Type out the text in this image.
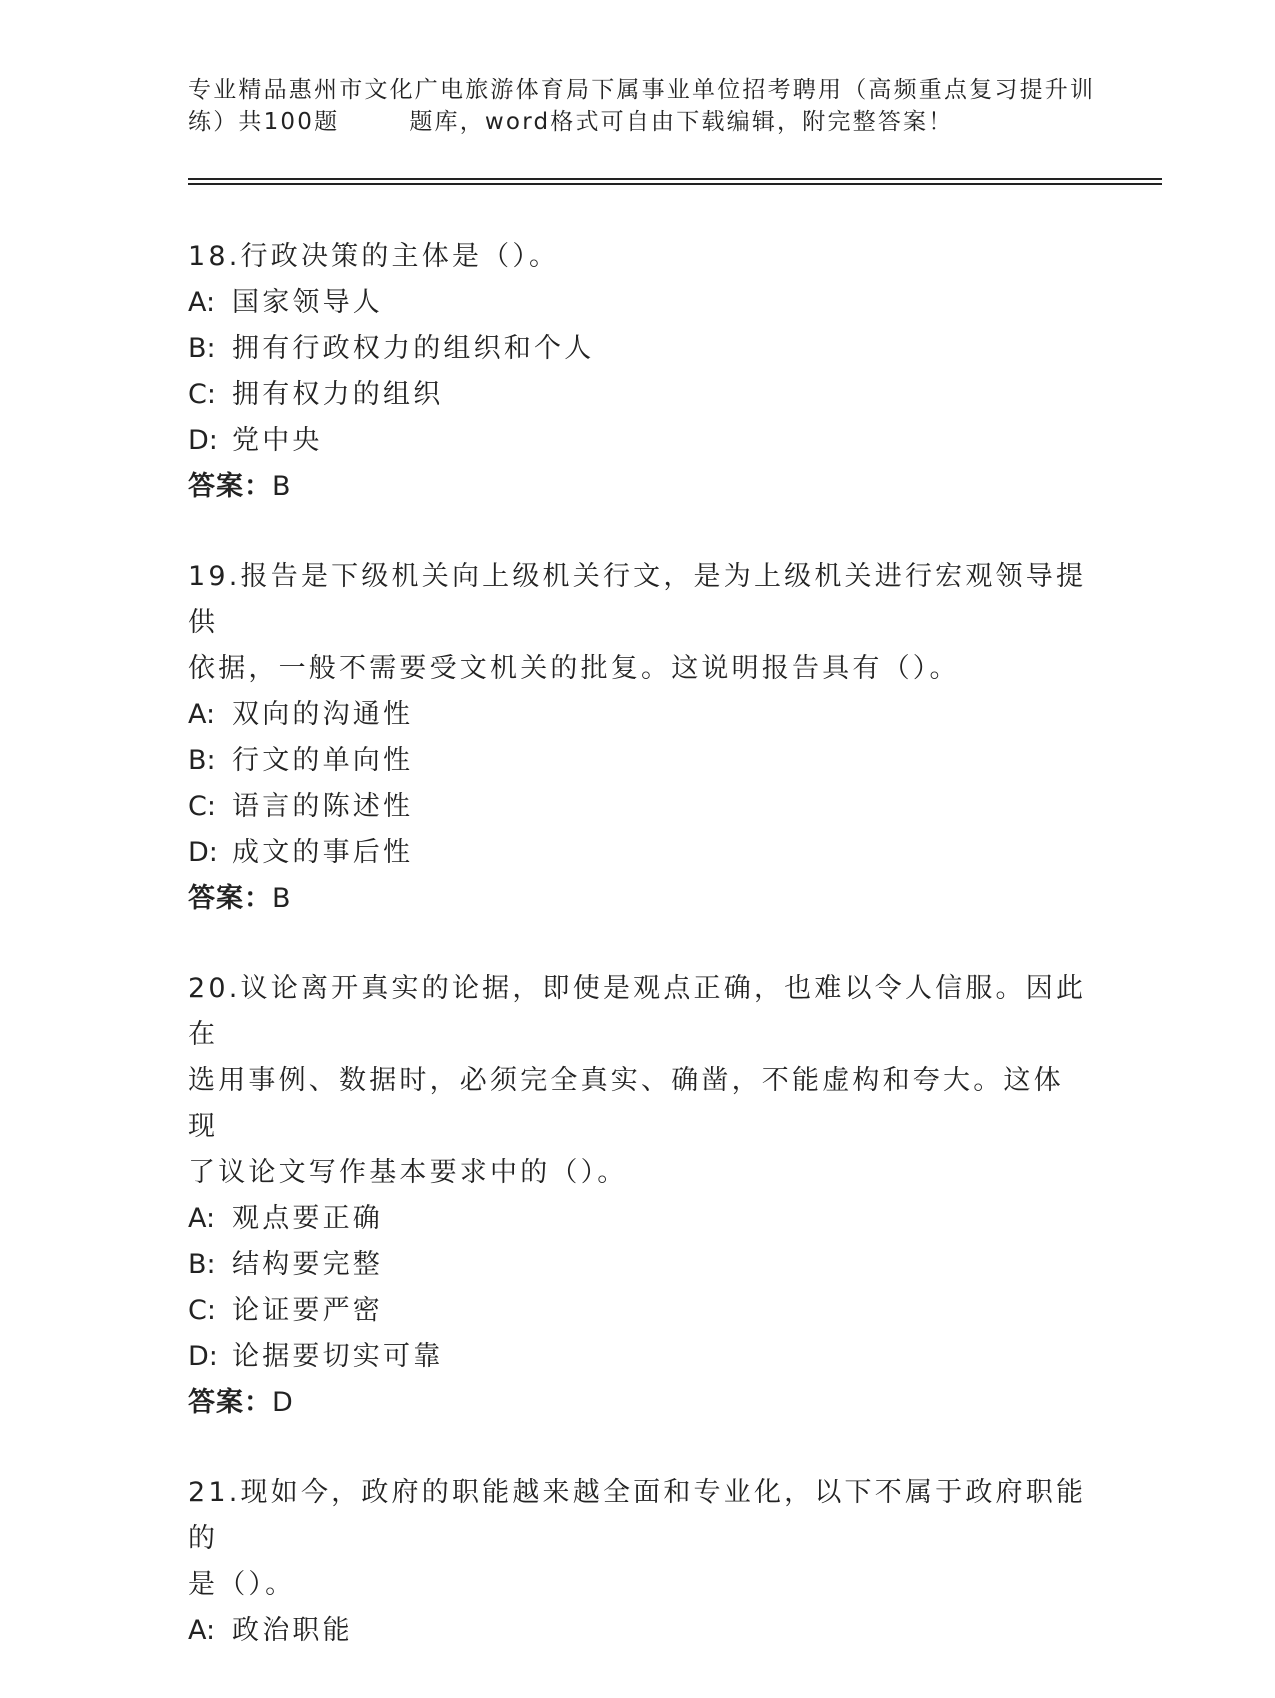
专业精品惠州市文化广电旅游体育局下属事业单位招考聘用（高频重点复习提升训
练）共100题	题库，word格式可自由下载编辑，附完整答案！

18.行政决策的主体是（）。

A: 国家领导人

B: 拥有行政权力的组织和个人

C: 拥有权力的组织

D: 党中央

答案：B

19.报告是下级机关向上级机关行文，是为上级机关进行宏观领导提供
依据，一般不需要受文机关的批复。这说明报告具有（）。

A: 双向的沟通性

B: 行文的单向性

C: 语言的陈述性

D: 成文的事后性

答案：B

20.议论离开真实的论据，即使是观点正确，也难以令人信服。因此在
选用事例、数据时，必须完全真实、确凿，不能虚构和夸大。这体现
了议论文写作基本要求中的（）。

A: 观点要正确

B: 结构要完整

C: 论证要严密

D: 论据要切实可靠

答案：D

21.现如今，政府的职能越来越全面和专业化，以下不属于政府职能的
是（）。

A: 政治职能
